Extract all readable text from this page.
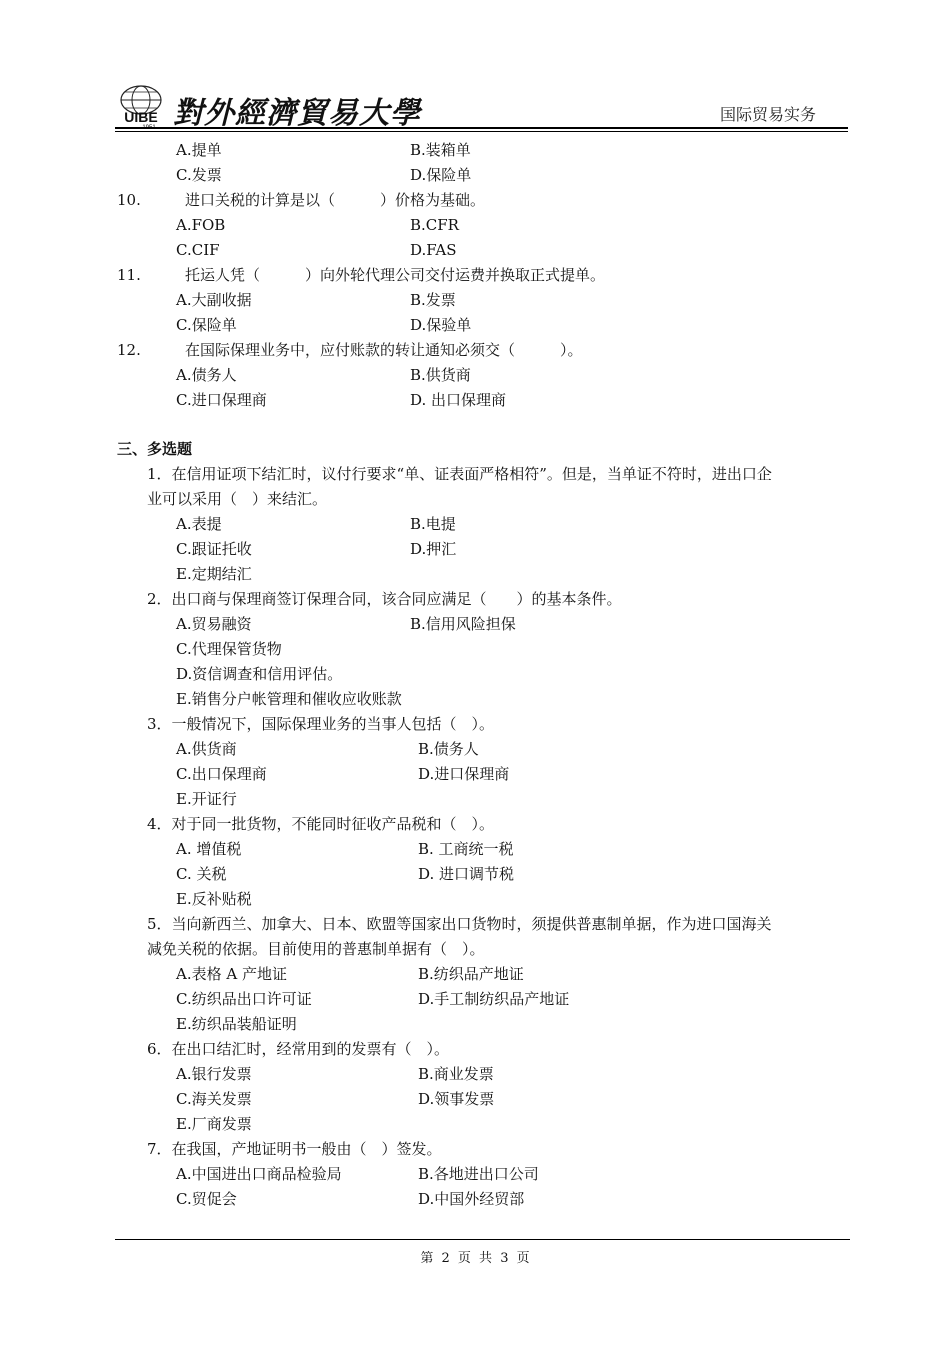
UIBE
1951 對外經濟貿易大學	国际贸易实务
A.提单	B.装箱单
C.发票	D.保险单
10.	进口关税的计算是以（　　　）价格为基础。
A.FOB	B.CFR
C.CIF	D.FAS
11.	托运人凭（　　　）向外轮代理公司交付运费并换取正式提单。
A.大副收据	B.发票
C.保险单	D.保验单
12.	在国际保理业务中，应付账款的转让通知必须交（　　　）。
A.债务人	B.供货商
C.进口保理商	D. 出口保理商
三、多选题
1．在信用证项下结汇时，议付行要求“单、证表面严格相符”。但是，当单证不符时，进出口企
业可以采用（　）来结汇。
A.表提	B.电提
C.跟证托收	D.押汇
E.定期结汇
2．出口商与保理商签订保理合同，该合同应满足（　　）的基本条件。
A.贸易融资	B.信用风险担保
C.代理保管货物
D.资信调查和信用评估。
E.销售分户帐管理和催收应收账款
3．一般情况下，国际保理业务的当事人包括（　）。
A.供货商	B.债务人
C.出口保理商	D.进口保理商
E.开证行
4．对于同一批货物，不能同时征收产品税和（　）。
A. 增值税	B. 工商统一税
C. 关税	D. 进口调节税
E.反补贴税
5．当向新西兰、加拿大、日本、欧盟等国家出口货物时，须提供普惠制单据，作为进口国海关
减免关税的依据。目前使用的普惠制单据有（　）。
A.表格 A 产地证	B.纺织品产地证
C.纺织品出口许可证	D.手工制纺织品产地证
E.纺织品装船证明
6．在出口结汇时，经常用到的发票有（　）。
A.银行发票	B.商业发票
C.海关发票	D.领事发票
E.厂商发票
7．在我国，产地证明书一般由（　）签发。
A.中国进出口商品检验局	B.各地进出口公司
C.贸促会	D.中国外经贸部
第 2 页 共 3 页
